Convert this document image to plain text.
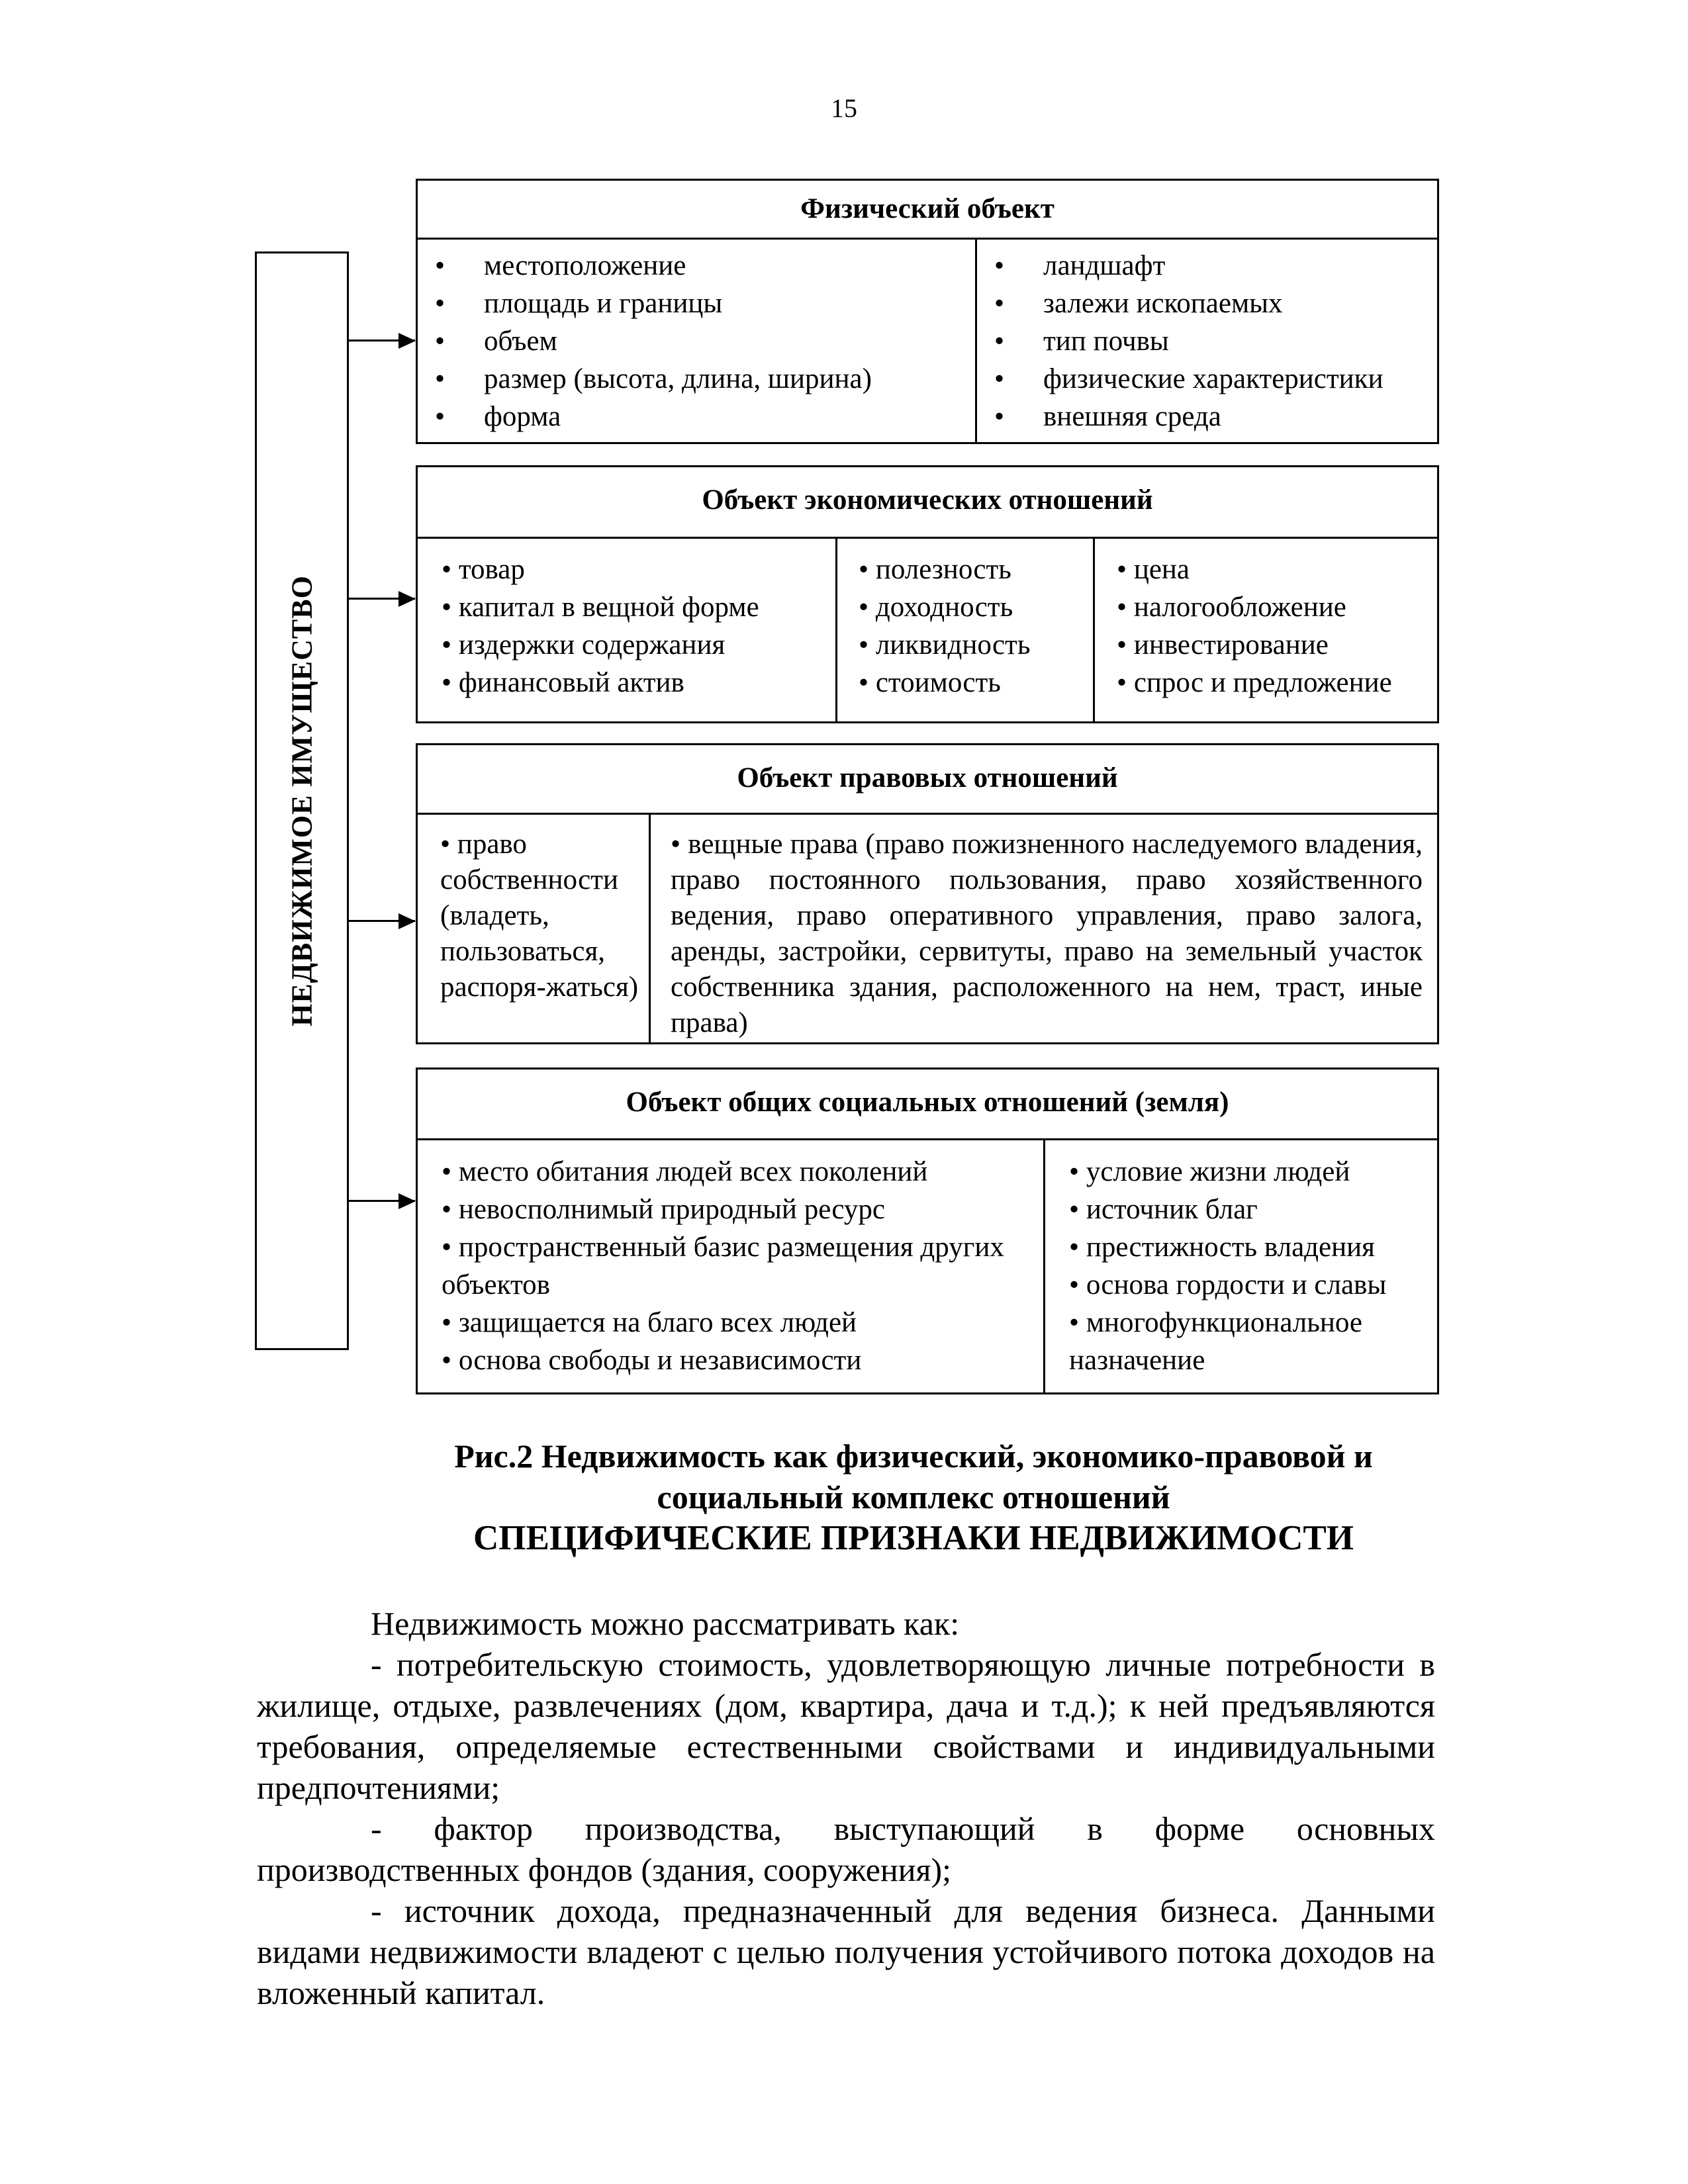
15
НЕДВИЖИМОЕ ИМУЩЕСТВО
Физический объект
• местоположение
• площадь и границы
• объем
• размер (высота, длина, ширина)
• форма
• ландшафт
• залежи ископаемых
• тип почвы
• физические характеристики
• внешняя среда
Объект экономических отношений
• товар
• капитал в вещной форме
• издержки содержания
• финансовый актив
• полезность
• доходность
• ликвидность
• стоимость
• цена
• налогообложение
• инвестирование
• спрос и предложение
Объект правовых отношений
• право собственности (владеть, пользоваться, распоря-жаться)
• вещные права (право пожизненного наследуемого владения, право постоянного пользования, право хозяйственного ведения, право оперативного управления, право залога, аренды, застройки, сервитуты, право на земельный участок собственника здания, расположенного на нем, траст, иные права)
Объект общих социальных отношений (земля)
• место обитания людей всех поколений
• невосполнимый природный ресурс
• пространственный базис размещения других объектов
• защищается на благо всех людей
• основа свободы и независимости
• условие жизни людей
• источник благ
• престижность владения
• основа гордости и славы
• многофункциональное назначение
Рис.2 Недвижимость как физический, экономико-правовой и
социальный комплекс отношений
СПЕЦИФИЧЕСКИЕ ПРИЗНАКИ НЕДВИЖИМОСТИ

Недвижимость можно рассматривать как:

- потребительскую стоимость, удовлетворяющую личные потребности в жилище, отдыхе, развлечениях (дом, квартира, дача и т.д.); к ней предъявляются требования, определяемые естественными свойствами и индивидуальными предпочтениями;

- фактор производства, выступающий в форме основных производственных фондов (здания, сооружения);

- источник дохода, предназначенный для ведения бизнеса. Данными видами недвижимости владеют с целью получения устойчивого потока доходов на вложенный капитал.
